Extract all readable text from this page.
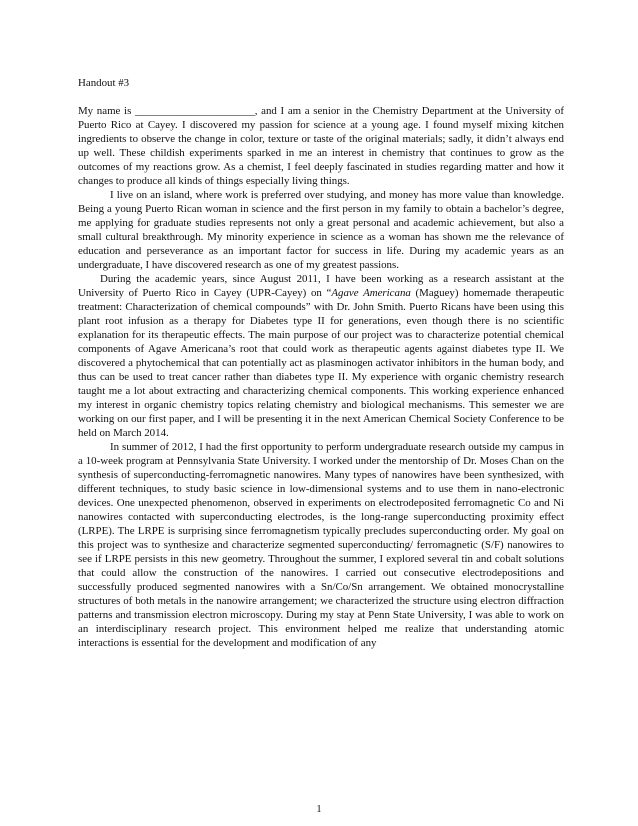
Handout #3

My name is ______________________, and I am a senior in the Chemistry Department at the University of Puerto Rico at Cayey. I discovered my passion for science at a young age. I found myself mixing kitchen ingredients to observe the change in color, texture or taste of the original materials; sadly, it didn’t always end up well. These childish experiments sparked in me an interest in chemistry that continues to grow as the outcomes of my reactions grow. As a chemist, I feel deeply fascinated in studies regarding matter and how it changes to produce all kinds of things especially living things.

I live on an island, where work is preferred over studying, and money has more value than knowledge. Being a young Puerto Rican woman in science and the first person in my family to obtain a bachelor’s degree, me applying for graduate studies represents not only a great personal and academic achievement, but also a small cultural breakthrough. My minority experience in science as a woman has shown me the relevance of education and perseverance as an important factor for success in life. During my academic years as an undergraduate, I have discovered research as one of my greatest passions.

During the academic years, since August 2011, I have been working as a research assistant at the University of Puerto Rico in Cayey (UPR-Cayey) on “Agave Americana (Maguey) homemade therapeutic treatment: Characterization of chemical compounds” with Dr. John Smith. Puerto Ricans have been using this plant root infusion as a therapy for Diabetes type II for generations, even though there is no scientific explanation for its therapeutic effects. The main purpose of our project was to characterize potential chemical components of Agave Americana’s root that could work as therapeutic agents against diabetes type II. We discovered a phytochemical that can potentially act as plasminogen activator inhibitors in the human body, and thus can be used to treat cancer rather than diabetes type II. My experience with organic chemistry research taught me a lot about extracting and characterizing chemical components. This working experience enhanced my interest in organic chemistry topics relating chemistry and biological mechanisms. This semester we are working on our first paper, and I will be presenting it in the next American Chemical Society Conference to be held on March 2014.

In summer of 2012, I had the first opportunity to perform undergraduate research outside my campus in a 10-week program at Pennsylvania State University. I worked under the mentorship of Dr. Moses Chan on the synthesis of superconducting-ferromagnetic nanowires. Many types of nanowires have been synthesized, with different techniques, to study basic science in low-dimensional systems and to use them in nano-electronic devices. One unexpected phenomenon, observed in experiments on electrodeposited ferromagnetic Co and Ni nanowires contacted with superconducting electrodes, is the long-range superconducting proximity effect (LRPE). The LRPE is surprising since ferromagnetism typically precludes superconducting order. My goal on this project was to synthesize and characterize segmented superconducting/ ferromagnetic (S/F) nanowires to see if LRPE persists in this new geometry. Throughout the summer, I explored several tin and cobalt solutions that could allow the construction of the nanowires. I carried out consecutive electrodepositions and successfully produced segmented nanowires with a Sn/Co/Sn arrangement. We obtained monocrystalline structures of both metals in the nanowire arrangement; we characterized the structure using electron diffraction patterns and transmission electron microscopy. During my stay at Penn State University, I was able to work on an interdisciplinary research project. This environment helped me realize that understanding atomic interactions is essential for the development and modification of any

1
